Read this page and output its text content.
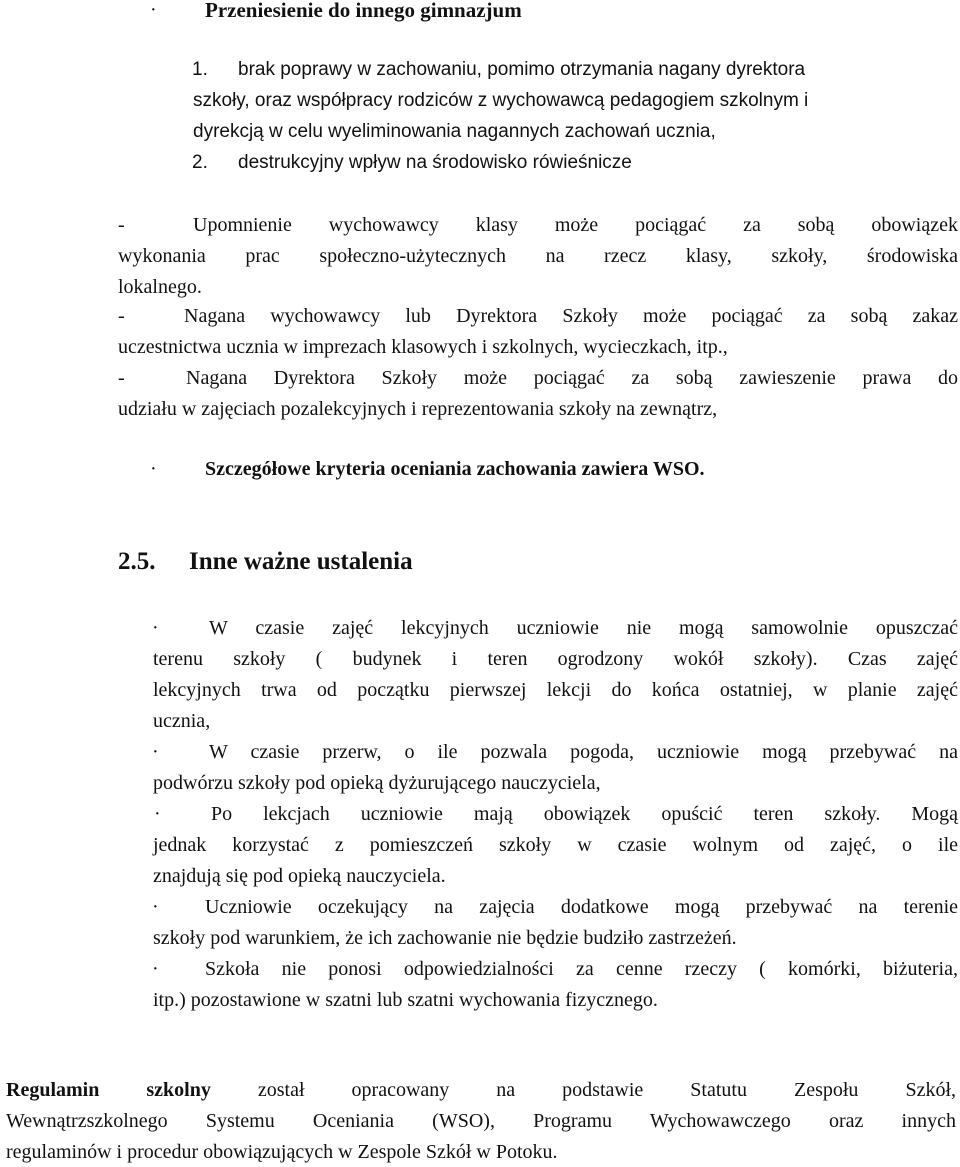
· Przeniesienie do innego gimnazjum
1. brak poprawy w zachowaniu, pomimo otrzymania nagany dyrektora
szkoły, oraz współpracy rodziców z wychowawcą pedagogiem szkolnym i
dyrekcją w celu wyeliminowania nagannych zachowań ucznia,
2. destrukcyjny wpływ na środowisko rówieśnicze
-	Upomnienie wychowawcy klasy może pociągać za sobą obowiązek
wykonania prac społeczno-użytecznych na rzecz klasy, szkoły, środowiska
lokalnego.
-	Nagana wychowawcy lub Dyrektora Szkoły może pociągać za sobą zakaz
uczestnictwa ucznia w imprezach klasowych i szkolnych, wycieczkach, itp.,
-	Nagana Dyrektora Szkoły może pociągać za sobą zawieszenie prawa do
udziału w zajęciach pozalekcyjnych i reprezentowania szkoły na zewnątrz,
· Szczegółowe kryteria oceniania zachowania zawiera WSO.
2.5. Inne ważne ustalenia
·	W czasie zajęć lekcyjnych uczniowie nie mogą samowolnie opuszczać
terenu szkoły ( budynek i teren ogrodzony wokół szkoły). Czas zajęć
lekcyjnych trwa od początku pierwszej lekcji do końca ostatniej, w planie zajęć
ucznia,
·	W czasie przerw, o ile pozwala pogoda, uczniowie mogą przebywać na
podwórzu szkoły pod opieką dyżurującego nauczyciela,
·	Po lekcjach uczniowie mają obowiązek opuścić teren szkoły. Mogą
jednak korzystać z pomieszczeń szkoły w czasie wolnym od zajęć, o ile
znajdują się pod opieką nauczyciela.
· Uczniowie oczekujący na zajęcia dodatkowe mogą przebywać na terenie
szkoły pod warunkiem, że ich zachowanie nie będzie budziło zastrzeżeń.
· Szkoła nie ponosi odpowiedzialności za cenne rzeczy ( komórki, biżuteria,
itp.) pozostawione w szatni lub szatni wychowania fizycznego.
Regulamin szkolny został opracowany na podstawie Statutu Zespołu Szkół,
Wewnątrzszkolnego Systemu Oceniania (WSO), Programu Wychowawczego oraz innych
regulaminów i procedur obowiązujących w Zespole Szkół w Potoku.
